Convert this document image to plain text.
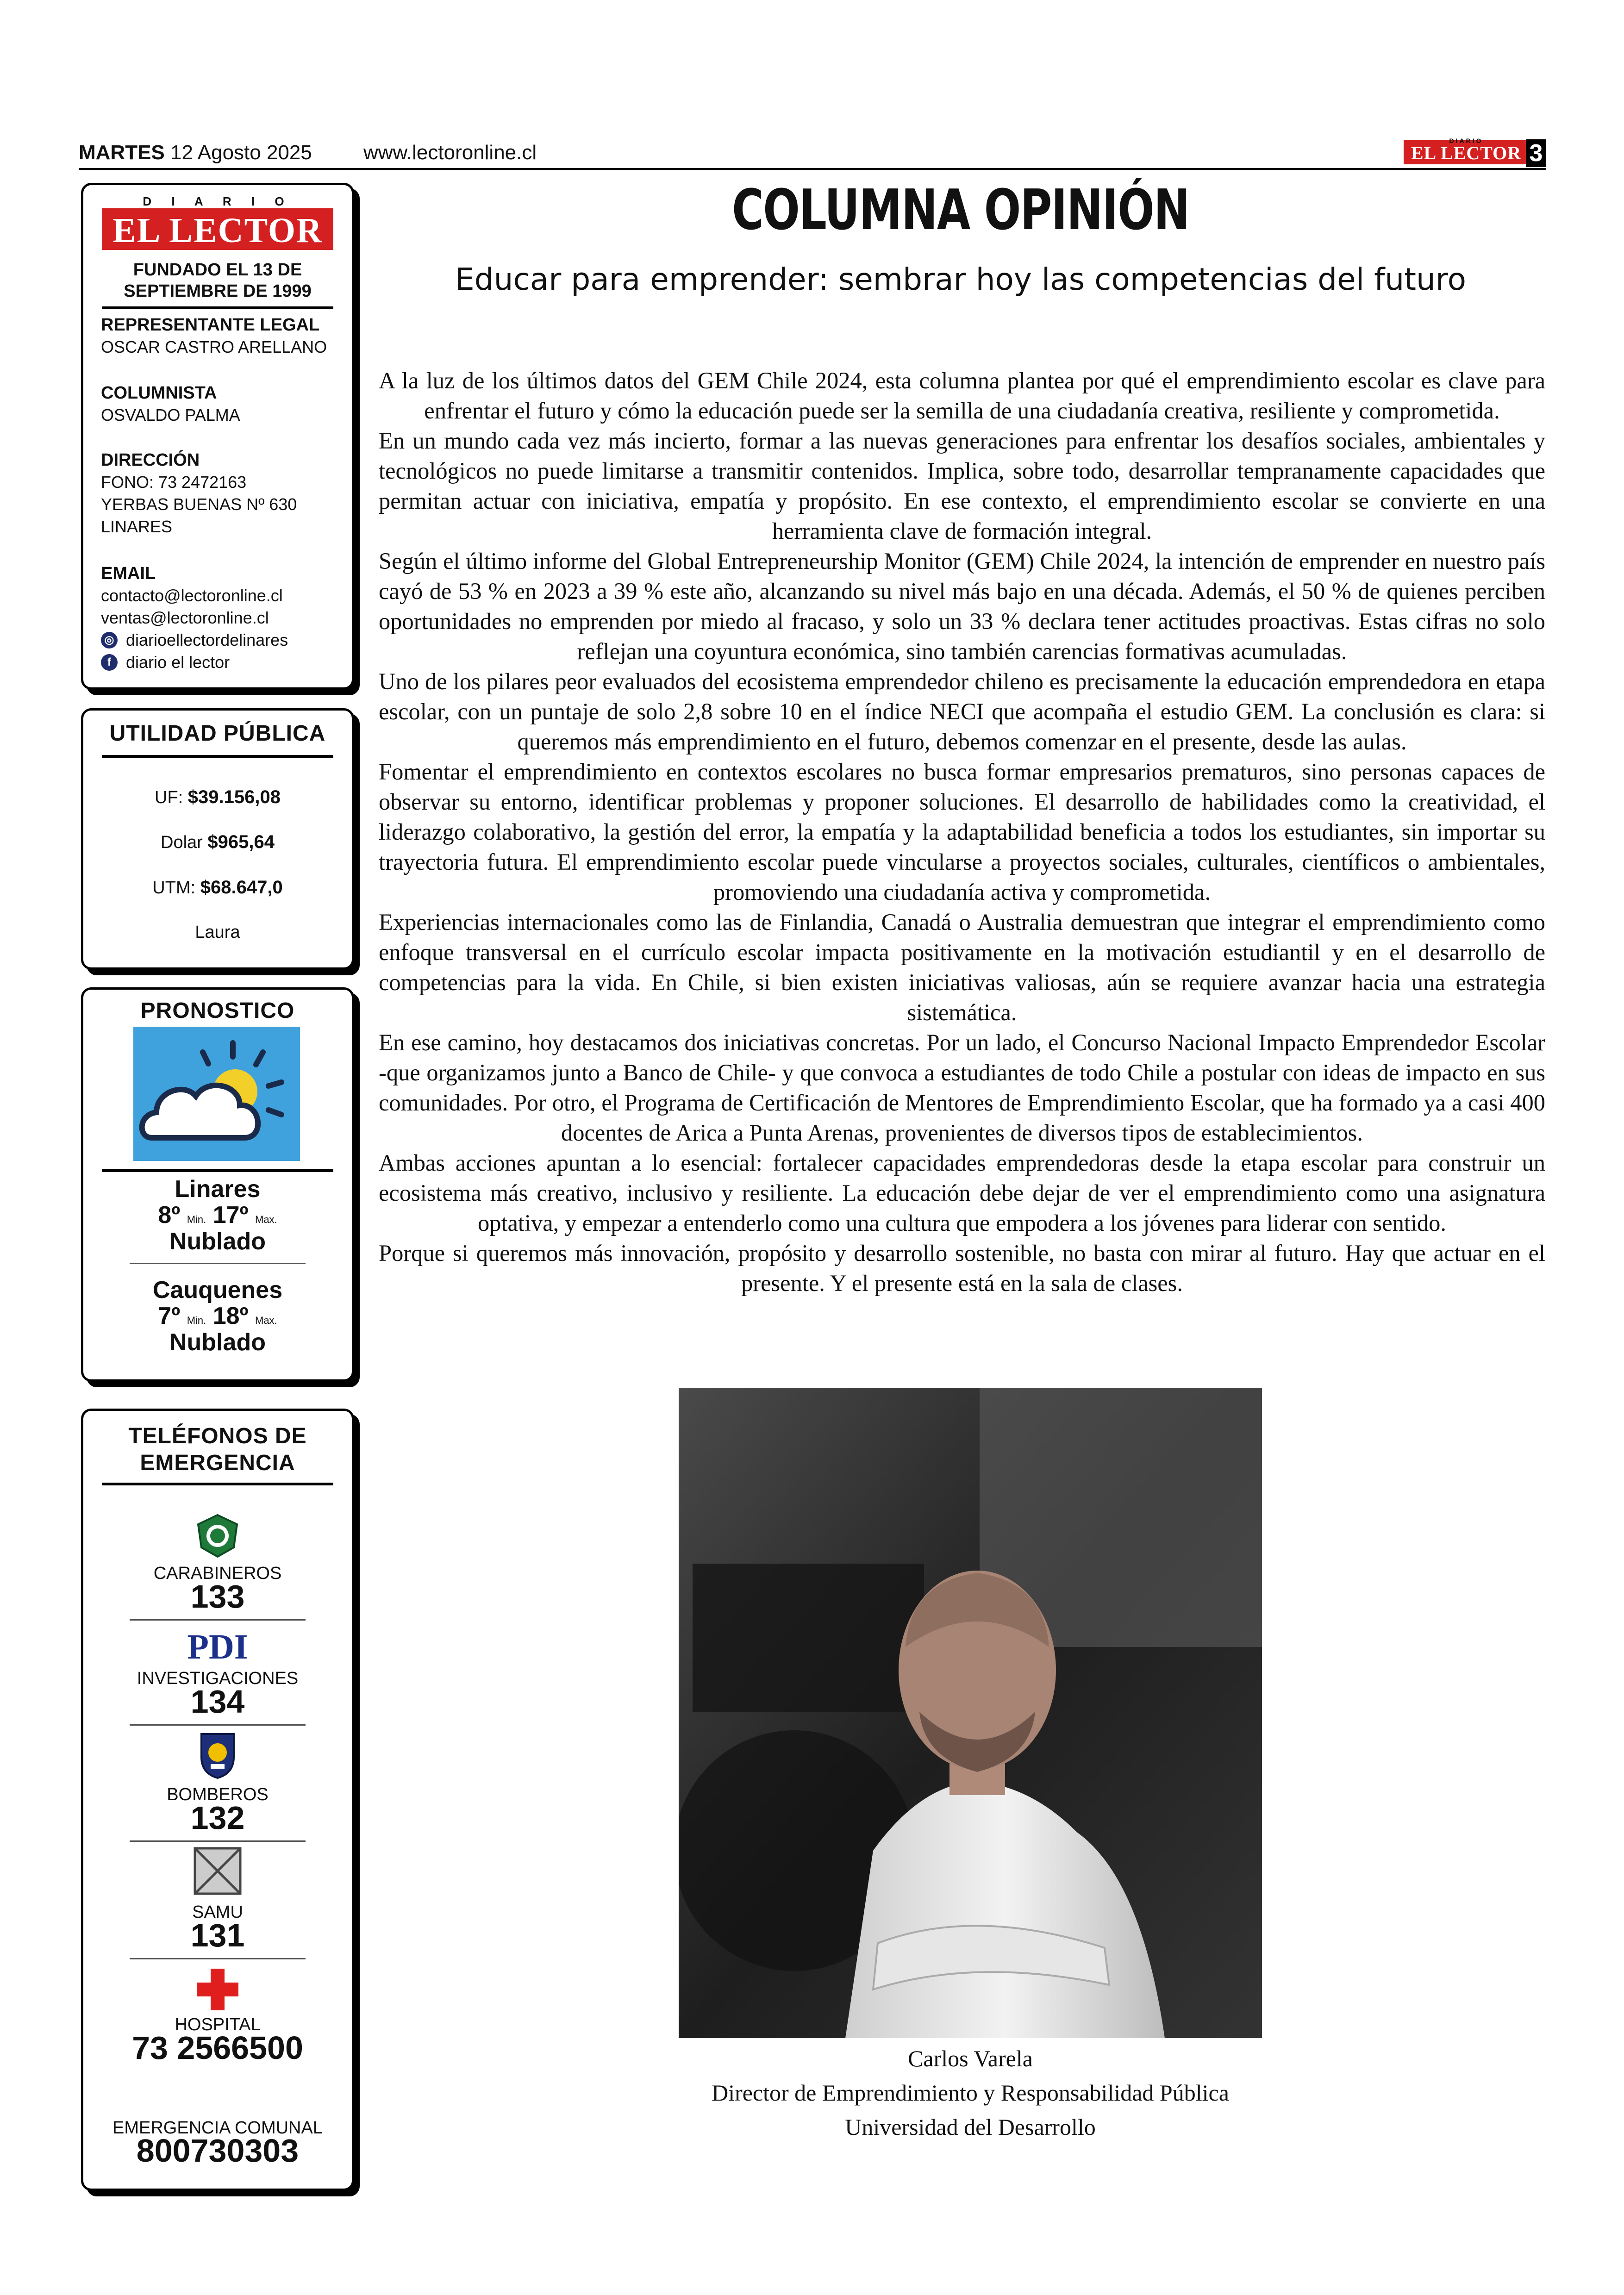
MARTES 12 Agosto 2025	www.lectoronline.cl
DIARIO
EL LECTOR 3
D I A R I O
EL LECTOR
FUNDADO EL 13 DE SEPTIEMBRE DE 1999
REPRESENTANTE LEGAL
OSCAR CASTRO ARELLANO
COLUMNISTA
OSVALDO PALMA
DIRECCIÓN
FONO: 73 2472163
YERBAS BUENAS Nº 630
LINARES
EMAIL
contacto@lectoronline.cl
ventas@lectoronline.cl
◎ diarioellectordelinares
f diario el lector
UTILIDAD PÚBLICA
UF: $39.156,08
Dolar $965,64
UTM: $68.647,0
Laura
PRONOSTICO
Linares
8º Min. 17º Max.
Nublado
Cauquenes
7º Min. 18º Max.
Nublado
TELÉFONOS DE EMERGENCIA
CARABINEROS
133
PDI
INVESTIGACIONES
134
BOMBEROS
132
SAMU
131
HOSPITAL
73 2566500
EMERGENCIA COMUNAL
800730303
COLUMNA OPINIÓN
Educar para emprender: sembrar hoy las competencias del futuro

A la luz de los últimos datos del GEM Chile 2024, esta columna plantea por qué el emprendimiento escolar es clave para enfrentar el futuro y cómo la educación puede ser la semilla de una ciudadanía creativa, resiliente y comprometida.

En un mundo cada vez más incierto, formar a las nuevas generaciones para enfrentar los desafíos sociales, ambientales y tecnológicos no puede limitarse a transmitir contenidos. Implica, sobre todo, desarrollar tempranamente capacidades que permitan actuar con iniciativa, empatía y propósito. En ese contexto, el emprendimiento escolar se convierte en una herramienta clave de formación integral.

Según el último informe del Global Entrepreneurship Monitor (GEM) Chile 2024, la intención de emprender en nuestro país cayó de 53 % en 2023 a 39 % este año, alcanzando su nivel más bajo en una década. Además, el 50 % de quienes perciben oportunidades no emprenden por miedo al fracaso, y solo un 33 % declara tener actitudes proactivas. Estas cifras no solo reflejan una coyuntura económica, sino también carencias formativas acumuladas.

Uno de los pilares peor evaluados del ecosistema emprendedor chileno es precisamente la educación emprendedora en etapa escolar, con un puntaje de solo 2,8 sobre 10 en el índice NECI que acompaña el estudio GEM. La conclusión es clara: si queremos más emprendimiento en el futuro, debemos comenzar en el presente, desde las aulas.

Fomentar el emprendimiento en contextos escolares no busca formar empresarios prematuros, sino personas capaces de observar su entorno, identificar problemas y proponer soluciones. El desarrollo de habilidades como la creatividad, el liderazgo colaborativo, la gestión del error, la empatía y la adaptabilidad beneficia a todos los estudiantes, sin importar su trayectoria futura. El emprendimiento escolar puede vincularse a proyectos sociales, culturales, científicos o ambientales, promoviendo una ciudadanía activa y comprometida.

Experiencias internacionales como las de Finlandia, Canadá o Australia demuestran que integrar el emprendimiento como enfoque transversal en el currículo escolar impacta positivamente en la motivación estudiantil y en el desarrollo de competencias para la vida. En Chile, si bien existen iniciativas valiosas, aún se requiere avanzar hacia una estrategia sistemática.

En ese camino, hoy destacamos dos iniciativas concretas. Por un lado, el Concurso Nacional Impacto Emprendedor Escolar -que organizamos junto a Banco de Chile- y que convoca a estudiantes de todo Chile a postular con ideas de impacto en sus comunidades. Por otro, el Programa de Certificación de Mentores de Emprendimiento Escolar, que ha formado ya a casi 400 docentes de Arica a Punta Arenas, provenientes de diversos tipos de establecimientos.

Ambas acciones apuntan a lo esencial: fortalecer capacidades emprendedoras desde la etapa escolar para construir un ecosistema más creativo, inclusivo y resiliente. La educación debe dejar de ver el emprendimiento como una asignatura optativa, y empezar a entenderlo como una cultura que empodera a los jóvenes para liderar con sentido.

Porque si queremos más innovación, propósito y desarrollo sostenible, no basta con mirar al futuro. Hay que actuar en el presente. Y el presente está en la sala de clases.

Carlos Varela
Director de Emprendimiento y Responsabilidad Pública
Universidad del Desarrollo
